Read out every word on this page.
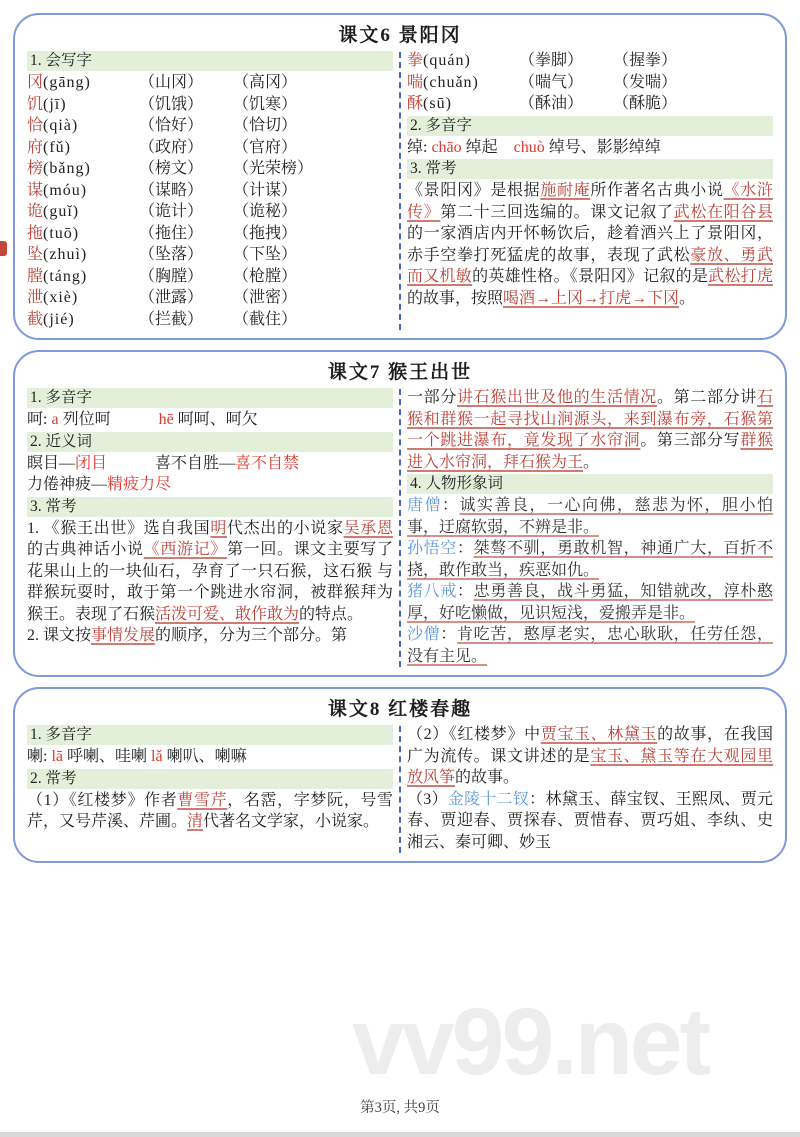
课文6 景阳冈
1. 会写字
冈(gāng)	（山冈）	（高冈）
饥(jī)	（饥饿）	（饥寒）
恰(qià)	（恰好）	（恰切）
府(fǔ)	（政府）	（官府）
榜(bǎng)	（榜文）	（光荣榜）
谋(móu)	（谋略）	（计谋）
诡(guǐ)	（诡计）	（诡秘）
拖(tuō)	（拖住）	（拖拽）
坠(zhuì)	（坠落）	（下坠）
膛(táng)	（胸膛）	（枪膛）
泄(xiè)	（泄露）	（泄密）
截(jié)	（拦截）	（截住）
拳(quán)	（拳脚）	（握拳）
喘(chuǎn)	（喘气）	（发喘）
酥(sū)	（酥油）	（酥脆）
2. 多音字

绰: chāo 绰起　chuò 绰号、影影绰绰

3. 常考

《景阳冈》是根据施耐庵所作著名古典小说《水浒传》第二十三回选编的。课文记叙了武松在阳谷县的一家酒店内开怀畅饮后，趁着酒兴上了景阳冈，赤手空拳打死猛虎的故事，表现了武松豪放、勇武而又机敏的英雄性格。《景阳冈》记叙的是武松打虎的故事，按照喝酒→上冈→打虎→下冈。

课文7 猴王出世
1. 多音字

呵: a 列位呵　　　hē 呵呵、呵欠

2. 近义词

瞑目—闭目　　　喜不自胜—喜不自禁

力倦神疲—精疲力尽

3. 常考

1. 《猴王出世》选自我国明代杰出的小说家吴承恩的古典神话小说《西游记》第一回。课文主要写了花果山上的一块仙石，孕育了一只石猴，这石猴 与群猴玩耍时，敢于第一个跳进水帘洞，被群猴拜为猴王。表现了石猴活泼可爱、敢作敢为的特点。

2. 课文按事情发展的顺序，分为三个部分。第

一部分讲石猴出世及他的生活情况。第二部分讲石猴和群猴一起寻找山涧源头，来到瀑布旁，石猴第一个跳进瀑布，竟发现了水帘洞。第三部分写群猴进入水帘洞，拜石猴为王。

4. 人物形象词

唐僧：诚实善良，一心向佛，慈悲为怀，胆小怕事，迂腐软弱，不辨是非。

孙悟空：桀骜不驯，勇敢机智，神通广大，百折不挠，敢作敢当，疾恶如仇。

猪八戒：忠勇善良，战斗勇猛，知错就改，淳朴憨厚，好吃懒做，见识短浅，爱搬弄是非。

沙僧：肯吃苦，憨厚老实，忠心耿耿，任劳任怨，没有主见。

课文8 红楼春趣
1. 多音字

喇: lā 呼喇、哇喇 lǎ 喇叭、喇嘛

2. 常考

（1）《红楼梦》作者曹雪芹，名霑，字梦阮，号雪芹，又号芹溪、芹圃。清代著名文学家，小说家。

（2）《红楼梦》中贾宝玉、林黛玉的故事，在我国广为流传。课文讲述的是宝玉、黛玉等在大观园里放风筝的故事。

（3）金陵十二钗：林黛玉、薛宝钗、王熙凤、贾元春、贾迎春、贾探春、贾惜春、贾巧姐、李纨、史湘云、秦可卿、妙玉

vv99.net
第3页, 共9页
